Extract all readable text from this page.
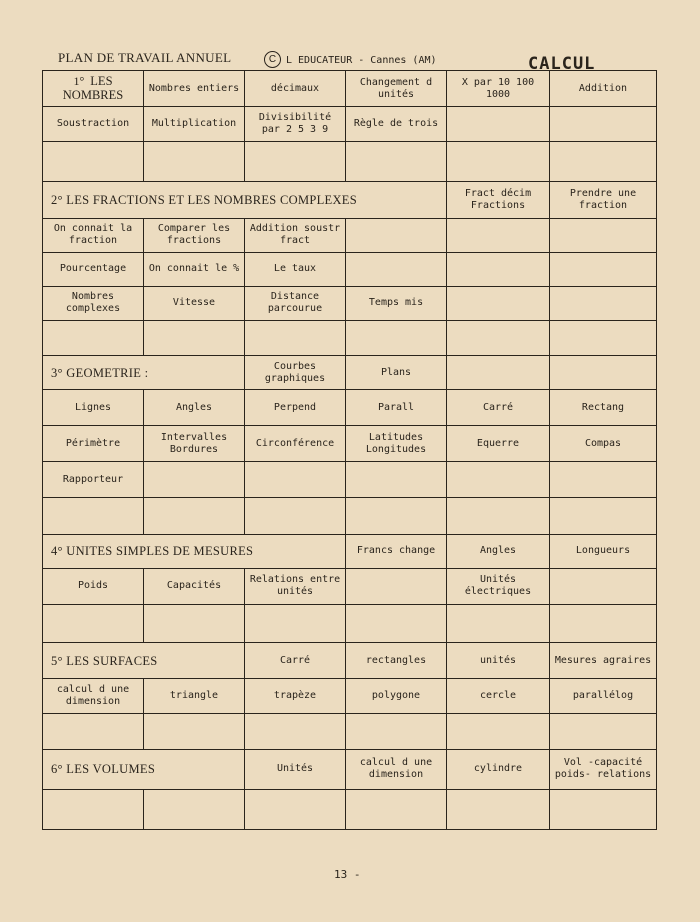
PLAN DE TRAVAIL ANNUEL	C L EDUCATEUR - Cannes (AM)	CALCUL
1° LES NOMBRES	Nombres entiers	décimaux	Changement d unités	X par 10 100 1000	Addition
Soustraction	Multiplication	Divisibilité par 2 5 3 9	Règle de trois		

2° LES FRACTIONS ET LES NOMBRES COMPLEXES				Fract décim Fractions	Prendre une fraction
On connait la fraction	Comparer les fractions	Addition soustr fract			
Pourcentage	On connait le %	Le taux			
Nombres complexes	Vitesse	Distance parcourue	Temps mis		

3° GEOMETRIE :		Courbes graphiques	Plans		
Lignes	Angles	Perpend	Parall	Carré	Rectang
Périmètre	Intervalles Bordures	Circonférence	Latitudes Longitudes	Equerre	Compas
Rapporteur					

4° UNITES SIMPLES DE MESURES			Francs change	Angles	Longueurs
Poids	Capacités	Relations entre unités		Unités électriques	

5° LES SURFACES		Carré	rectangles	unités	Mesures agraires
calcul d une dimension	triangle	trapèze	polygone	cercle	parallélog

6° LES VOLUMES		Unités	calcul d une dimension	cylindre	Vol -capacité poids- relations

13 -
